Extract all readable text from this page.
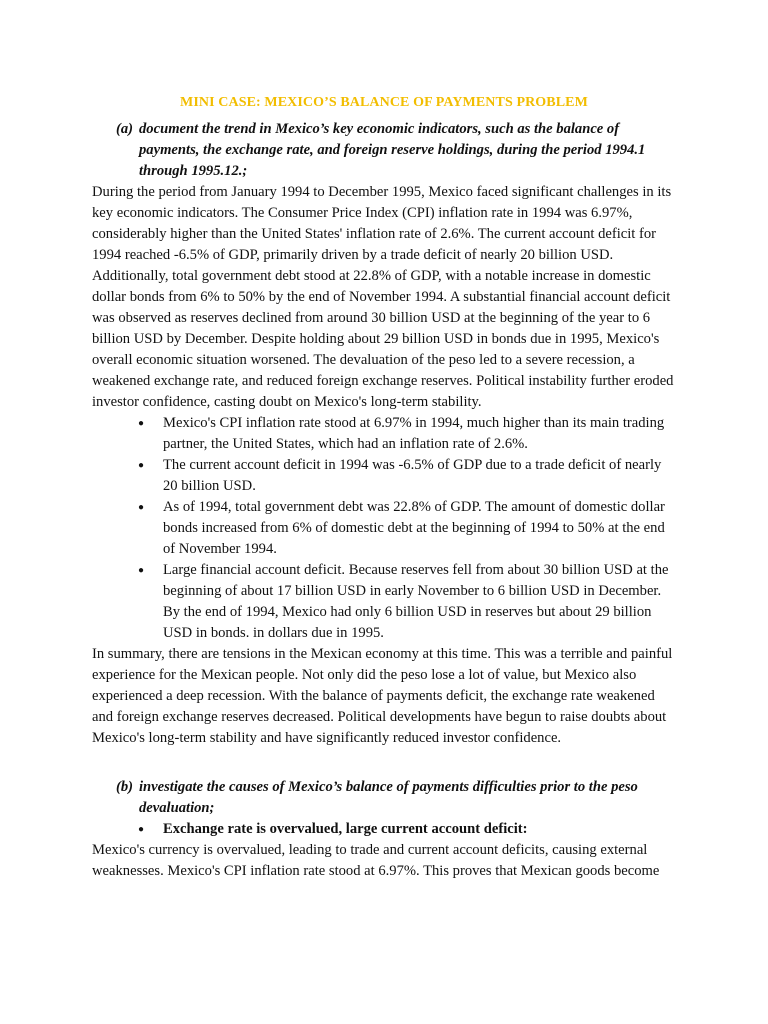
MINI CASE: MEXICO’S BALANCE OF PAYMENTS PROBLEM
(a) document the trend in Mexico’s key economic indicators, such as the balance of payments, the exchange rate, and foreign reserve holdings, during the period 1994.1 through 1995.12.;

During the period from January 1994 to December 1995, Mexico faced significant challenges in its key economic indicators. The Consumer Price Index (CPI) inflation rate in 1994 was 6.97%, considerably higher than the United States' inflation rate of 2.6%. The current account deficit for 1994 reached -6.5% of GDP, primarily driven by a trade deficit of nearly 20 billion USD. Additionally, total government debt stood at 22.8% of GDP, with a notable increase in domestic dollar bonds from 6% to 50% by the end of November 1994. A substantial financial account deficit was observed as reserves declined from around 30 billion USD at the beginning of the year to 6 billion USD by December. Despite holding about 29 billion USD in bonds due in 1995, Mexico's overall economic situation worsened. The devaluation of the peso led to a severe recession, a weakened exchange rate, and reduced foreign exchange reserves. Political instability further eroded investor confidence, casting doubt on Mexico's long-term stability.

●	Mexico's CPI inflation rate stood at 6.97% in 1994, much higher than its main trading partner, the United States, which had an inflation rate of 2.6%.
●	The current account deficit in 1994 was -6.5% of GDP due to a trade deficit of nearly 20 billion USD.
●	As of 1994, total government debt was 22.8% of GDP. The amount of domestic dollar bonds increased from 6% of domestic debt at the beginning of 1994 to 50% at the end of November 1994.
●	Large financial account deficit. Because reserves fell from about 30 billion USD at the beginning of about 17 billion USD in early November to 6 billion USD in December. By the end of 1994, Mexico had only 6 billion USD in reserves but about 29 billion USD in bonds. in dollars due in 1995.

In summary, there are tensions in the Mexican economy at this time. This was a terrible and painful experience for the Mexican people. Not only did the peso lose a lot of value, but Mexico also experienced a deep recession. With the balance of payments deficit, the exchange rate weakened and foreign exchange reserves decreased. Political developments have begun to raise doubts about Mexico's long-term stability and have significantly reduced investor confidence.

(b) investigate the causes of Mexico’s balance of payments difficulties prior to the peso devaluation;
●	Exchange rate is overvalued, large current account deficit:

Mexico's currency is overvalued, leading to trade and current account deficits, causing external weaknesses. Mexico's CPI inflation rate stood at 6.97%. This proves that Mexican goods become
